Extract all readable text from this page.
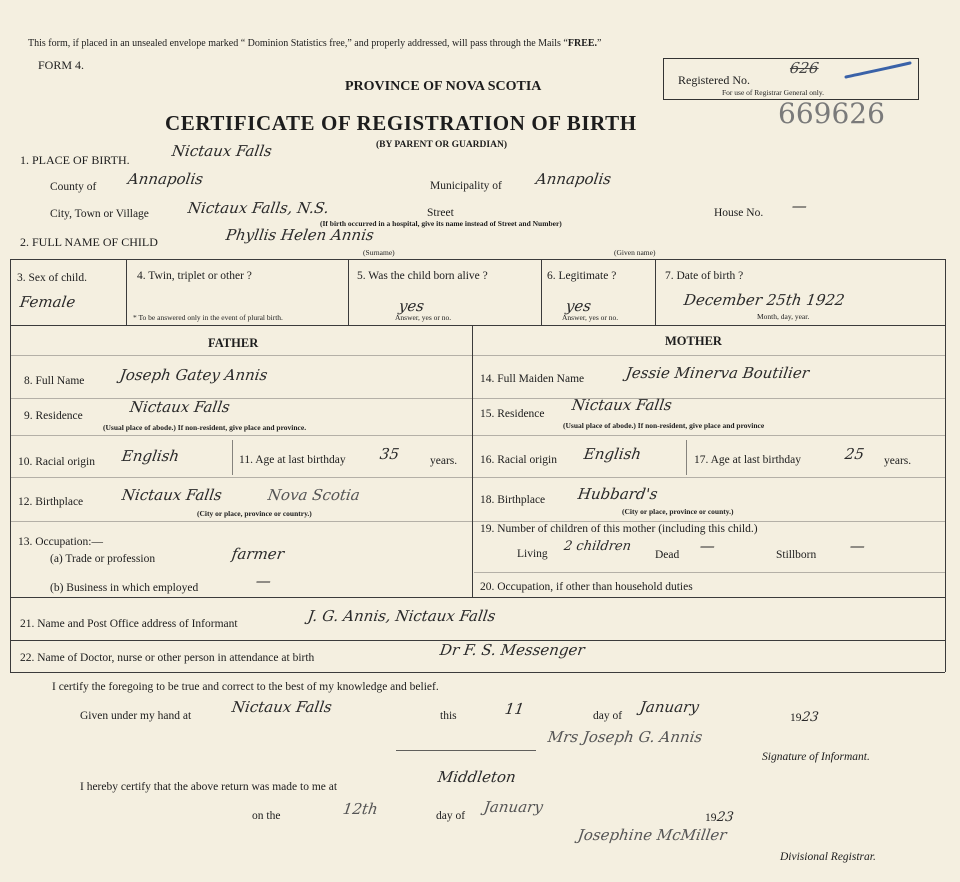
This form, if placed in an unsealed envelope marked “ Dominion Statistics free,” and properly addressed, will pass through the Mails “FREE.”
FORM 4.
PROVINCE OF NOVA SCOTIA
CERTIFICATE OF REGISTRATION OF BIRTH
(BY PARENT OR GUARDIAN)
Registered No.
626
For use of Registrar General only.
669626
1. PLACE OF BIRTH.	Nictaux Falls
County of Annapolis	Municipality of Annapolis
City, Town or Village	Nictaux Falls, N.S.	Street
(If birth occurred in a hospital, give its name instead of Street and Number)
House No. —
2. FULL NAME OF CHILD	Phyllis Helen Annis
(Surname)	(Given name)
3. Sex of child.
Female
4. Twin, triplet or other ?
* To be answered only in the event of plural birth.
5. Was the child born alive ?
yes
Answer, yes or no.
6. Legitimate ?
yes
Answer, yes or no.
7. Date of birth ?
December 25th 1922
Month, day, year.
FATHER	MOTHER
8. Full Name Joseph Gatey Annis
9. Residence	Nictaux Falls
(Usual place of abode.) If non-resident, give place and province.
10. Racial origin English	11. Age at last birthday 35	years.
12. Birthplace	Nictaux Falls	Nova Scotia
(City or place, province or country.)
13. Occupation:—
(a) Trade or profession	farmer
(b) Business in which employed	—
14. Full Maiden Name	Jessie Minerva Boutilier
15. Residence Nictaux Falls
(Usual place of abode.) If non-resident, give place and province
16. Racial origin English	17. Age at last birthday	25 years.
18. Birthplace Hubbard's
(City or place, province or county.)
19. Number of children of this mother (including this child.)
Living 2 children
Dead —	Stillborn —
20. Occupation, if other than household duties
21. Name and Post Office address of Informant	J. G. Annis, Nictaux Falls
22. Name of Doctor, nurse or other person in attendance at birth	Dr F. S. Messenger
I certify the foregoing to be true and correct to the best of my knowledge and belief.
Given under my hand at	Nictaux Falls	this	11	day of January
1923
Mrs Joseph G. Annis
Signature of Informant.
I hereby certify that the above return was made to me at
Middleton
on the	12th	day of January
1923
Josephine McMiller
Divisional Registrar.
